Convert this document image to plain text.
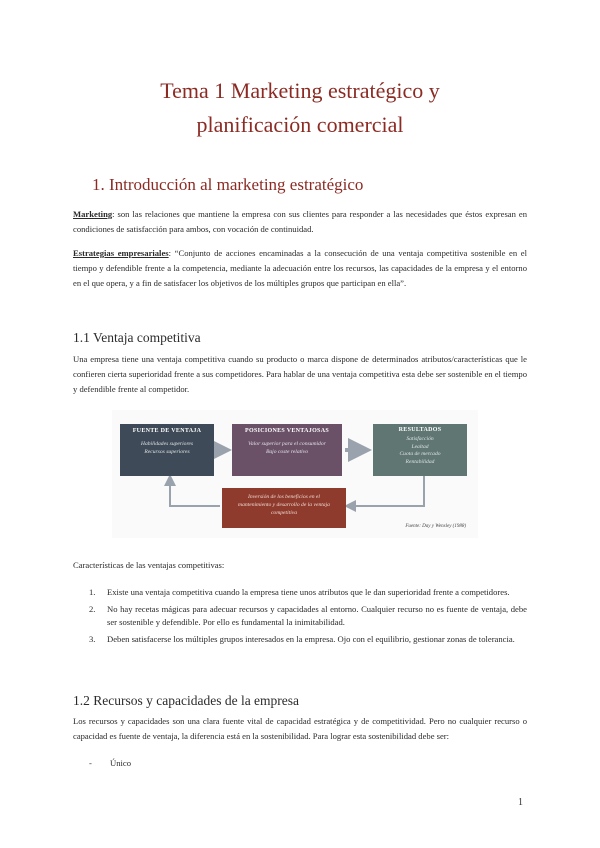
Tema 1 Marketing estratégico y
planificación comercial
1. Introducción al marketing estratégico
Marketing: son las relaciones que mantiene la empresa con sus clientes para responder a las necesidades que éstos expresan en condiciones de satisfacción para ambos, con vocación de continuidad.
Estrategias empresariales: “Conjunto de acciones encaminadas a la consecución de una ventaja competitiva sostenible en el tiempo y defendible frente a la competencia, mediante la adecuación entre los recursos, las capacidades de la empresa y el entorno en el que opera, y a fin de satisfacer los objetivos de los múltiples grupos que participan en ella”.
1.1 Ventaja competitiva
Una empresa tiene una ventaja competitiva cuando su producto o marca dispone de determinados atributos/características que le confieren cierta superioridad frente a sus competidores. Para hablar de una ventaja competitiva esta debe ser sostenible en el tiempo y defendible frente al competidor.
FUENTE DE VENTAJA
Habilidades superiores
Recursos superiores
POSICIONES VENTAJOSAS
Valor superior para el consumidor
Bajo coste relativo
RESULTADOS
Satisfacción
Lealtad
Cuota de mercado
Rentabilidad
Inversión de los beneficios en el
mantenimiento y desarrollo de la ventaja
competitiva
Fuente: Day y Wensley (1988)
Características de las ventajas competitivas:
1. Existe una ventaja competitiva cuando la empresa tiene unos atributos que le dan superioridad frente a competidores.
2. No hay recetas mágicas para adecuar recursos y capacidades al entorno. Cualquier recurso no es fuente de ventaja, debe ser sostenible y defendible. Por ello es fundamental la inimitabilidad.
3. Deben satisfacerse los múltiples grupos interesados en la empresa. Ojo con el equilibrio, gestionar zonas de tolerancia.
1.2 Recursos y capacidades de la empresa
Los recursos y capacidades son una clara fuente vital de capacidad estratégica y de competitividad. Pero no cualquier recurso o capacidad es fuente de ventaja, la diferencia está en la sostenibilidad. Para lograr esta sostenibilidad debe ser:
- Único
1
